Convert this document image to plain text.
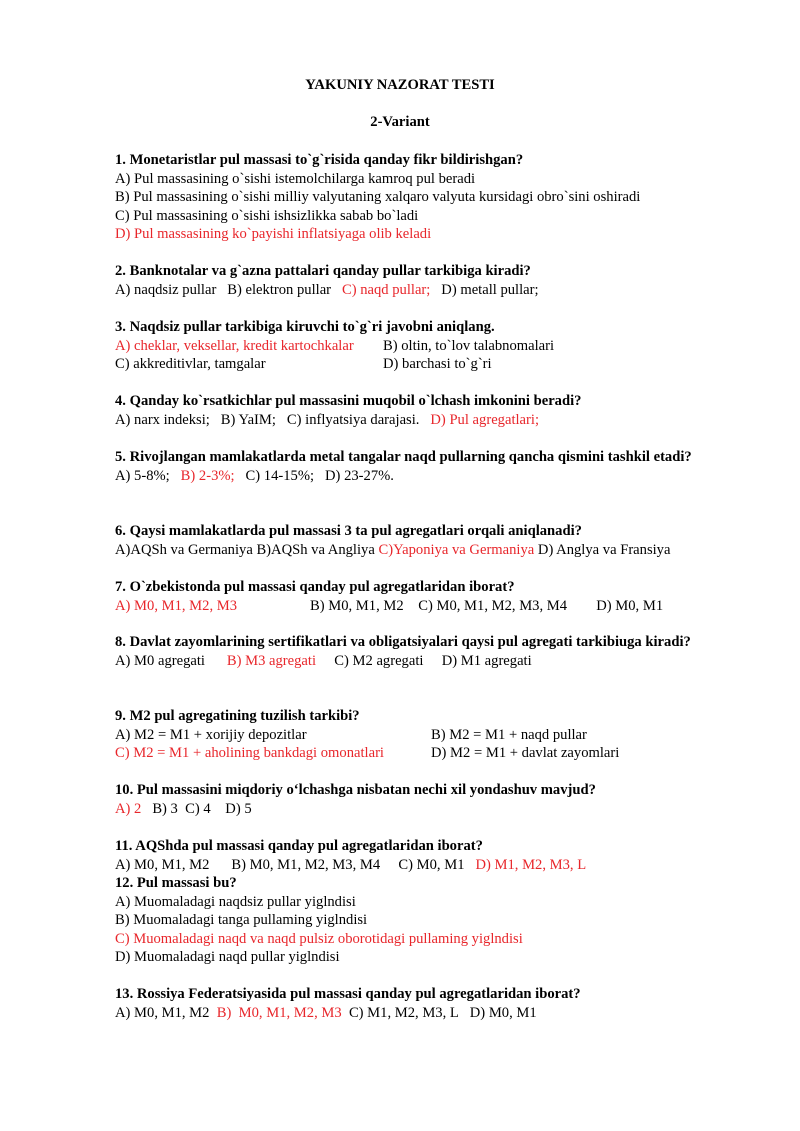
YAKUNIY NAZORAT TESTI
2-Variant
1. Monetaristlar pul massasi to`g`risida qanday fikr bildirishgan?
A) Pul massasining o`sishi istemolchilarga kamroq pul beradi
B) Pul massasining o`sishi milliy valyutaning xalqaro valyuta kursidagi obro`sini oshiradi
C) Pul massasining o`sishi ishsizlikka sabab bo`ladi
D) Pul massasining ko`payishi inflatsiyaga olib keladi
2. Banknotalar va g`azna pattalari qanday pullar tarkibiga kiradi?
A) naqdsiz pullar B) elektron pullar C) naqd pullar; D) metall pullar;
3. Naqdsiz pullar tarkibiga kiruvchi to`g`ri javobni aniqlang.
A) cheklar, veksellar, kredit kartochkalar	B) oltin, to`lov talabnomalari
C) akkreditivlar, tamgalar	D) barchasi to`g`ri
4. Qanday ko`rsatkichlar pul massasini muqobil o`lchash imkonini beradi?
A) narx indeksi; B) YaIM; C) inflyatsiya darajasi. D) Pul agregatlari;
5. Rivojlangan mamlakatlarda metal tangalar naqd pullarning qancha qismini tashkil etadi?
A) 5-8%; B) 2-3%; C) 14-15%; D) 23-27%.
6. Qaysi mamlakatlarda pul massasi 3 ta pul agregatlari orqali aniqlanadi?
A)AQSh va Germaniya B)AQSh va Angliya C)Yaponiya va Germaniya D) Anglya va Fransiya
7. O`zbekistonda pul massasi qanday pul agregatlaridan iborat?
A) M0, M1, M2, M3	B) M0, M1, M2 C) M0, M1, M2, M3, M4 D) M0, M1
8. Davlat zayomlarining sertifikatlari va obligatsiyalari qaysi pul agregati tarkibiuga kiradi?
A) M0 agregati B) M3 agregati C) M2 agregati D) M1 agregati
9. M2 pul agregatining tuzilish tarkibi?
A) M2 = M1 + xorijiy depozitlar	B) M2 = M1 + naqd pullar
C) M2 = M1 + aholining bankdagi omonatlari	D) M2 = M1 + davlat zayomlari
10. Pul massasini miqdoriy o‘lchashga nisbatan nechi xil yondashuv mavjud?
A) 2 B) 3 C) 4 D) 5
11. AQShda pul massasi qanday pul agregatlaridan iborat?
A) M0, M1, M2 B) M0, M1, M2, M3, M4 C) M0, M1 D) M1, M2, M3, L
12. Pul massasi bu?
A) Muomaladagi naqdsiz pullar yiglndisi
B) Muomaladagi tanga pullaming yiglndisi
C) Muomaladagi naqd va naqd pulsiz oborotidagi pullaming yiglndisi
D) Muomaladagi naqd pullar yiglndisi
13. Rossiya Federatsiyasida pul massasi qanday pul agregatlaridan iborat?
A) M0, M1, M2 B)  M0, M1, M2, M3 C) M1, M2, M3, L D) M0, M1
